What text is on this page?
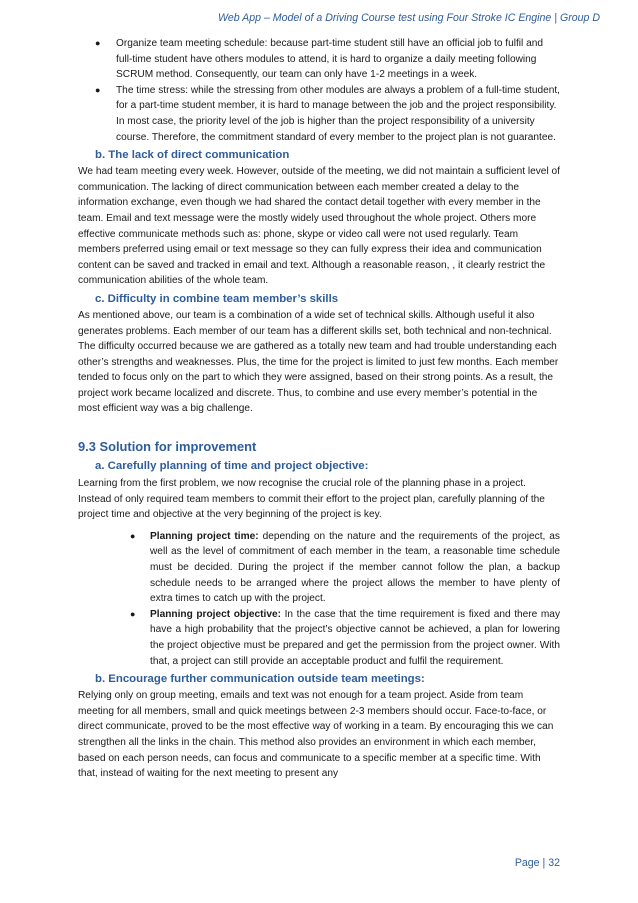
Web App – Model of a Driving Course test using Four Stroke IC Engine | Group D
● Organize team meeting schedule: because part-time student still have an official job to fulfil and full-time student have others modules to attend, it is hard to organize a daily meeting following SCRUM method. Consequently, our team can only have 1-2 meetings in a week.
● The time stress: while the stressing from other modules are always a problem of a full-time student, for a part-time student member, it is hard to manage between the job and the project responsibility. In most case, the priority level of the job is higher than the project responsibility of a university course. Therefore, the commitment standard of every member to the project plan is not guarantee.
b. The lack of direct communication

We had team meeting every week. However, outside of the meeting, we did not maintain a sufficient level of communication. The lacking of direct communication between each member created a delay to the information exchange, even though we had shared the contact detail together with every member in the team. Email and text message were the mostly widely used throughout the whole project. Others more effective communicate methods such as: phone, skype or video call were not used regularly. Team members preferred using email or text message so they can fully express their idea and communication content can be saved and tracked in email and text. Although a reasonable reason, , it clearly restrict the communication abilities of the whole team.

c. Difficulty in combine team member’s skills

As mentioned above, our team is a combination of a wide set of technical skills. Although useful it also generates problems. Each member of our team has a different skills set, both technical and non-technical. The difficulty occurred because we are gathered as a totally new team and had trouble understanding each other’s strengths and weaknesses. Plus, the time for the project is limited to just few months. Each member tended to focus only on the part to which they were assigned, based on their strong points. As a result, the project work became localized and discrete. Thus, to combine and use every member’s potential in the most efficient way was a big challenge.

9.3 Solution for improvement
a. Carefully planning of time and project objective:

Learning from the first problem, we now recognise the crucial role of the planning phase in a project. Instead of only required team members to commit their effort to the project plan, carefully planning of the project time and objective at the very beginning of the project is key.

● Planning project time: depending on the nature and the requirements of the project, as well as the level of commitment of each member in the team, a reasonable time schedule must be decided. During the project if the member cannot follow the plan, a backup schedule needs to be arranged where the project allows the member to have plenty of extra times to catch up with the project.
● Planning project objective: In the case that the time requirement is fixed and there may have a high probability that the project’s objective cannot be achieved, a plan for lowering the project objective must be prepared and get the permission from the project owner. With that, a project can still provide an acceptable product and fulfil the requirement.
b. Encourage further communication outside team meetings:

Relying only on group meeting, emails and text was not enough for a team project. Aside from team meeting for all members, small and quick meetings between 2-3 members should occur. Face-to-face, or direct communicate, proved to be the most effective way of working in a team. By encouraging this we can strengthen all the links in the chain. This method also provides an environment in which each member, based on each person needs, can focus and communicate to a specific member at a specific time. With that, instead of waiting for the next meeting to present any

Page | 32
